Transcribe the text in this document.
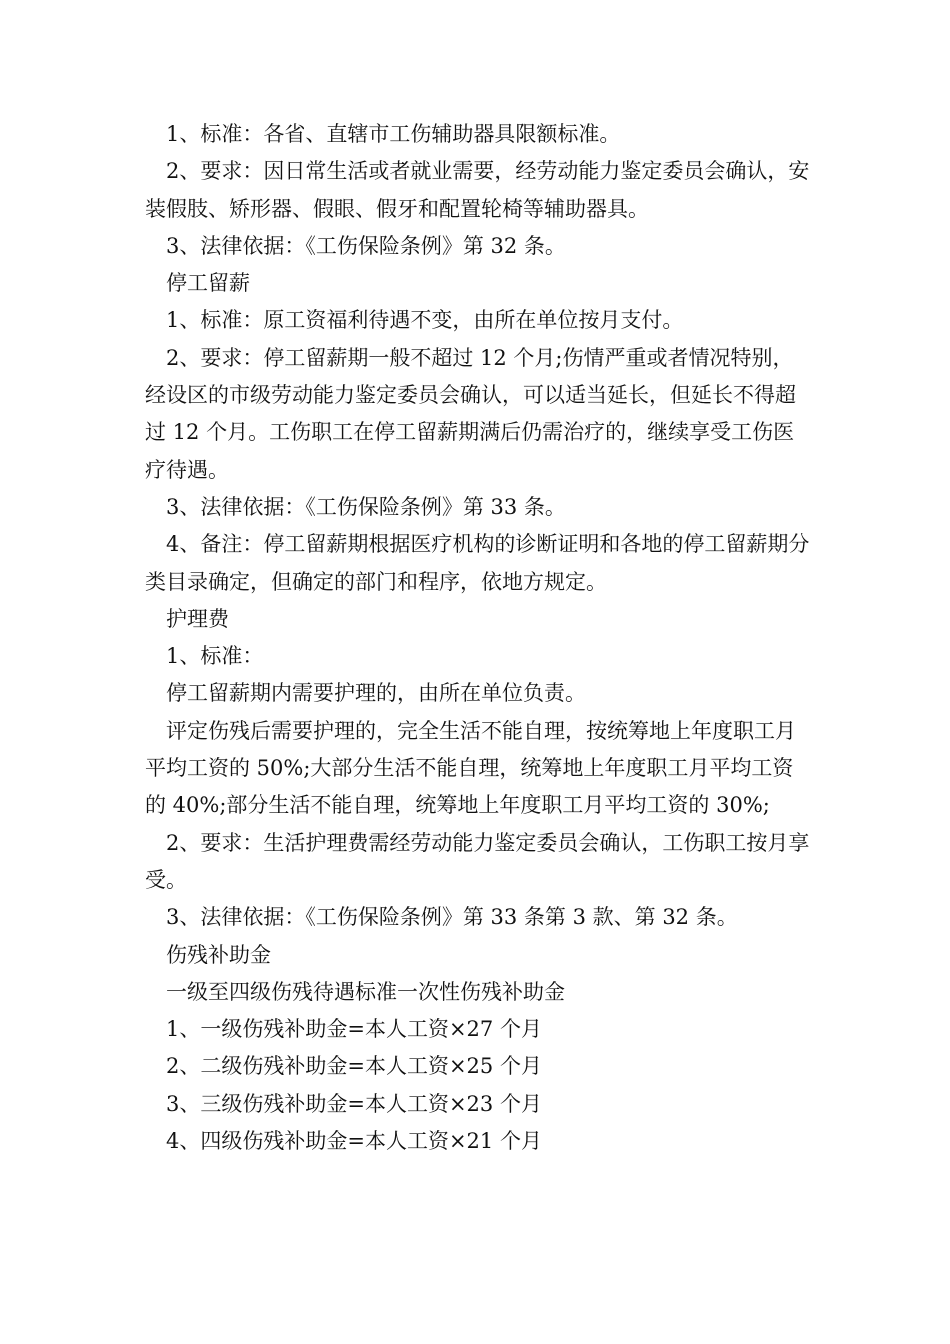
1、标准：各省、直辖市工伤辅助器具限额标准。

2、要求：因日常生活或者就业需要，经劳动能力鉴定委员会确认，安装假肢、矫形器、假眼、假牙和配置轮椅等辅助器具。

3、法律依据：《工伤保险条例》第 32 条。

停工留薪

1、标准：原工资福利待遇不变，由所在单位按月支付。

2、要求：停工留薪期一般不超过 12 个月;伤情严重或者情况特别，经设区的市级劳动能力鉴定委员会确认，可以适当延长，但延长不得超过 12 个月。工伤职工在停工留薪期满后仍需治疗的，继续享受工伤医疗待遇。

3、法律依据：《工伤保险条例》第 33 条。

4、备注：停工留薪期根据医疗机构的诊断证明和各地的停工留薪期分类目录确定，但确定的部门和程序，依地方规定。

护理费

1、标准：

停工留薪期内需要护理的，由所在单位负责。

评定伤残后需要护理的，完全生活不能自理，按统筹地上年度职工月平均工资的 50%;大部分生活不能自理，统筹地上年度职工月平均工资的 40%;部分生活不能自理，统筹地上年度职工月平均工资的 30%;

2、要求：生活护理费需经劳动能力鉴定委员会确认，工伤职工按月享受。

3、法律依据：《工伤保险条例》第 33 条第 3 款、第 32 条。

伤残补助金

一级至四级伤残待遇标准一次性伤残补助金

1、一级伤残补助金=本人工资×27 个月

2、二级伤残补助金=本人工资×25 个月

3、三级伤残补助金=本人工资×23 个月

4、四级伤残补助金=本人工资×21 个月
